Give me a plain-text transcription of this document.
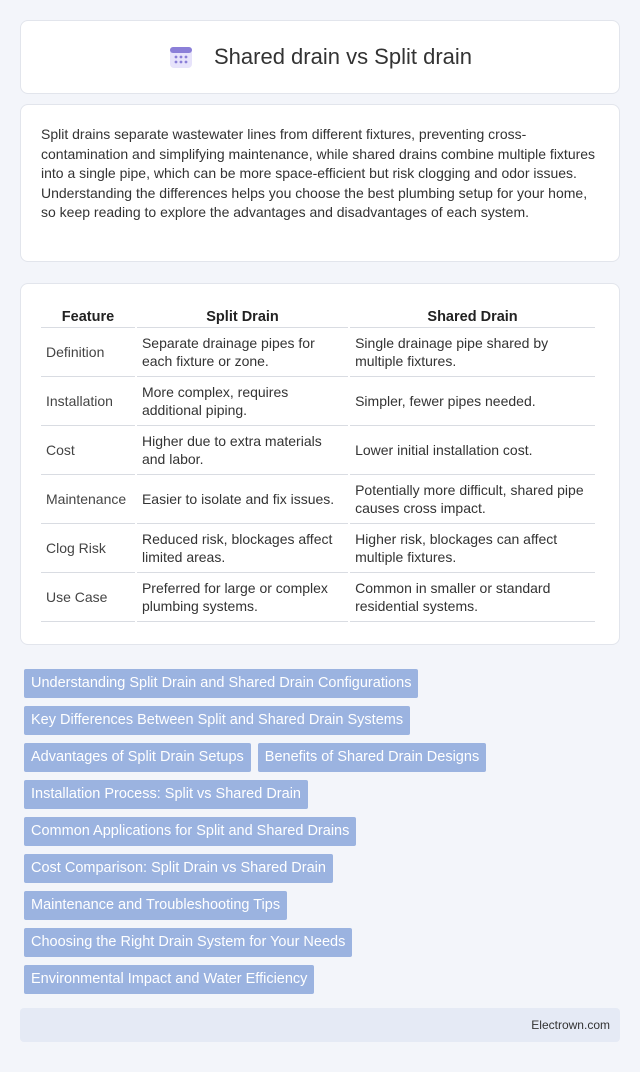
Shared drain vs Split drain

Split drains separate wastewater lines from different fixtures, preventing cross-contamination and simplifying maintenance, while shared drains combine multiple fixtures into a single pipe, which can be more space-efficient but risk clogging and odor issues. Understanding the differences helps you choose the best plumbing setup for your home, so keep reading to explore the advantages and disadvantages of each system.

Feature	Split Drain	Shared Drain
Definition	Separate drainage pipes for each fixture or zone.	Single drainage pipe shared by multiple fixtures.
Installation	More complex, requires additional piping.	Simpler, fewer pipes needed.
Cost	Higher due to extra materials and labor.	Lower initial installation cost.
Maintenance	Easier to isolate and fix issues.	Potentially more difficult, shared pipe causes cross impact.
Clog Risk	Reduced risk, blockages affect limited areas.	Higher risk, blockages can affect multiple fixtures.
Use Case	Preferred for large or complex plumbing systems.	Common in smaller or standard residential systems.
Understanding Split Drain and Shared Drain Configurations
Key Differences Between Split and Shared Drain Systems
Advantages of Split Drain Setups	Benefits of Shared Drain Designs
Installation Process: Split vs Shared Drain
Common Applications for Split and Shared Drains
Cost Comparison: Split Drain vs Shared Drain
Maintenance and Troubleshooting Tips
Choosing the Right Drain System for Your Needs
Environmental Impact and Water Efficiency
Electrown.com
